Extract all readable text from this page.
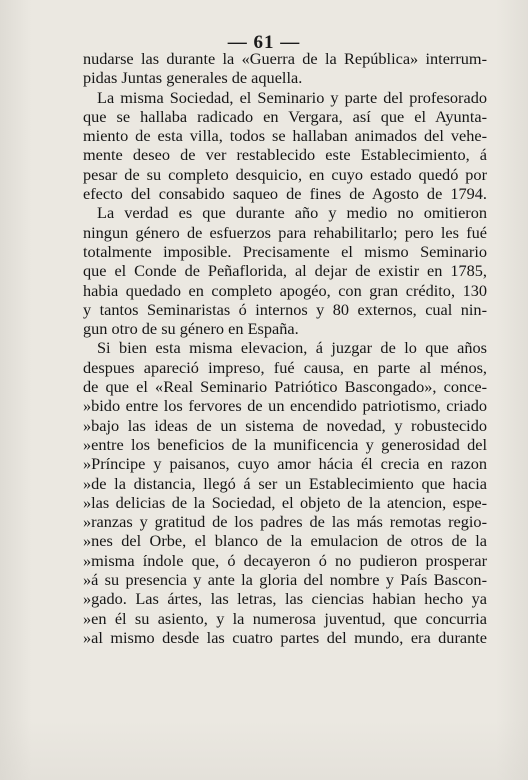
— 61 —

nudarse las durante la «Guerra de la República» interrum-
pidas Juntas generales de aquella.

La misma Sociedad, el Seminario y parte del profesorado
que se hallaba radicado en Vergara, así que el Ayunta-
miento de esta villa, todos se hallaban animados del vehe-
mente deseo de ver restablecido este Establecimiento, á
pesar de su completo desquicio, en cuyo estado quedó por
efecto del consabido saqueo de fines de Agosto de 1794.

La verdad es que durante año y medio no omitieron
ningun género de esfuerzos para rehabilitarlo; pero les fué
totalmente imposible. Precisamente el mismo Seminario
que el Conde de Peñaflorida, al dejar de existir en 1785,
habia quedado en completo apogéo, con gran crédito, 130
y tantos Seminaristas ó internos y 80 externos, cual nin-
gun otro de su género en España.

Si bien esta misma elevacion, á juzgar de lo que años
despues apareció impreso, fué causa, en parte al ménos,
de que el «Real Seminario Patriótico Bascongado», conce-
»bido entre los fervores de un encendido patriotismo, criado
»bajo las ideas de un sistema de novedad, y robustecido
»entre los beneficios de la munificencia y generosidad del
»Príncipe y paisanos, cuyo amor hácia él crecia en razon
»de la distancia, llegó á ser un Establecimiento que hacia
»las delicias de la Sociedad, el objeto de la atencion, espe-
»ranzas y gratitud de los padres de las más remotas regio-
»nes del Orbe, el blanco de la emulacion de otros de la
»misma índole que, ó decayeron ó no pudieron prosperar
»á su presencia y ante la gloria del nombre y País Bascon-
»gado. Las ártes, las letras, las ciencias habian hecho ya
»en él su asiento, y la numerosa juventud, que concurria
»al mismo desde las cuatro partes del mundo, era durante
